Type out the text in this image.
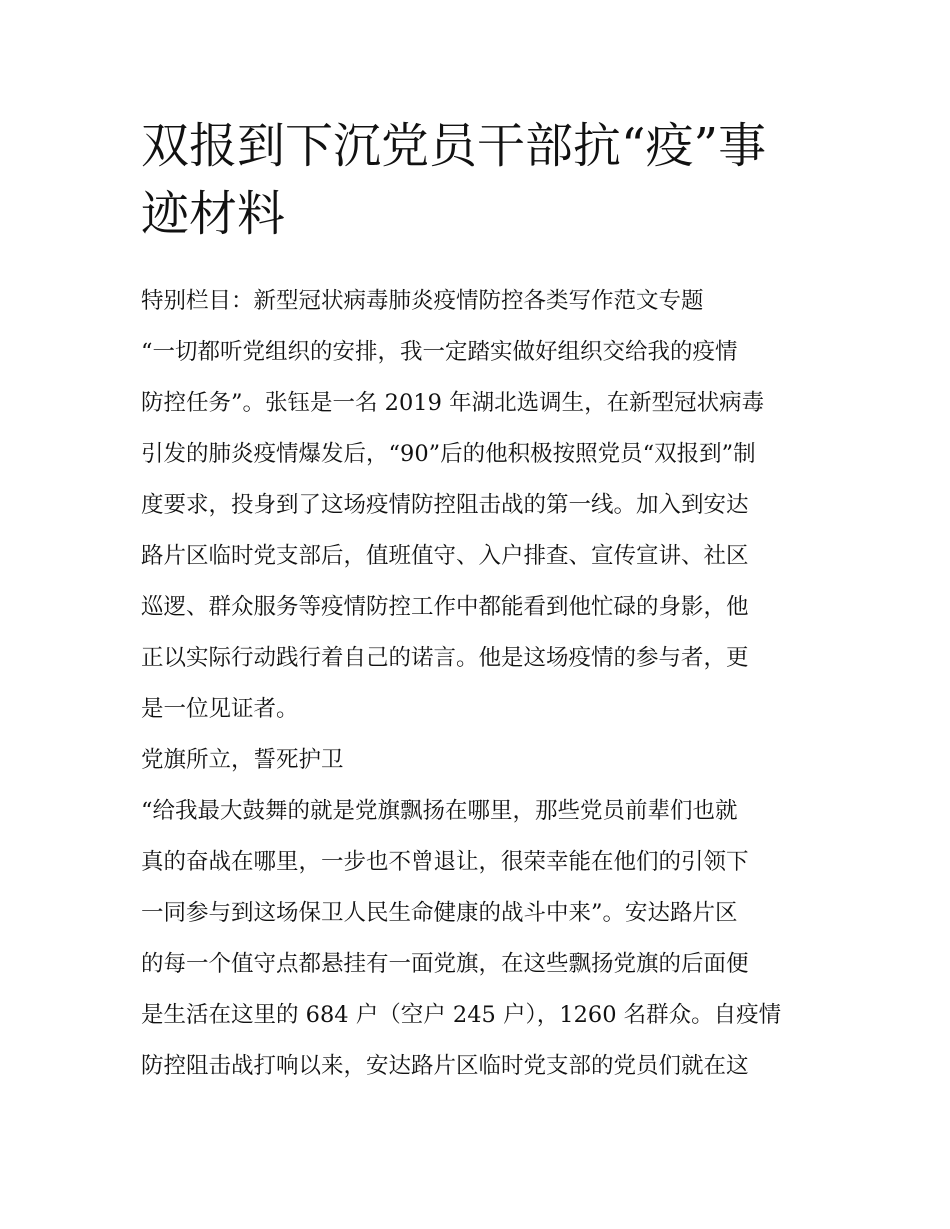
双报到下沉党员干部抗“疫”事
迹材料
特别栏目：新型冠状病毒肺炎疫情防控各类写作范文专题
“一切都听党组织的安排，我一定踏实做好组织交给我的疫情
防控任务”。张钰是一名 2019 年湖北选调生，在新型冠状病毒
引发的肺炎疫情爆发后，“90”后的他积极按照党员“双报到”制
度要求，投身到了这场疫情防控阻击战的第一线。加入到安达
路片区临时党支部后，值班值守、入户排查、宣传宣讲、社区
巡逻、群众服务等疫情防控工作中都能看到他忙碌的身影，他
正以实际行动践行着自己的诺言。他是这场疫情的参与者，更
是一位见证者。
党旗所立，誓死护卫
“给我最大鼓舞的就是党旗飘扬在哪里，那些党员前辈们也就
真的奋战在哪里，一步也不曾退让，很荣幸能在他们的引领下
一同参与到这场保卫人民生命健康的战斗中来”。安达路片区
的每一个值守点都悬挂有一面党旗，在这些飘扬党旗的后面便
是生活在这里的 684 户（空户 245 户），1260 名群众。自疫情
防控阻击战打响以来，安达路片区临时党支部的党员们就在这
